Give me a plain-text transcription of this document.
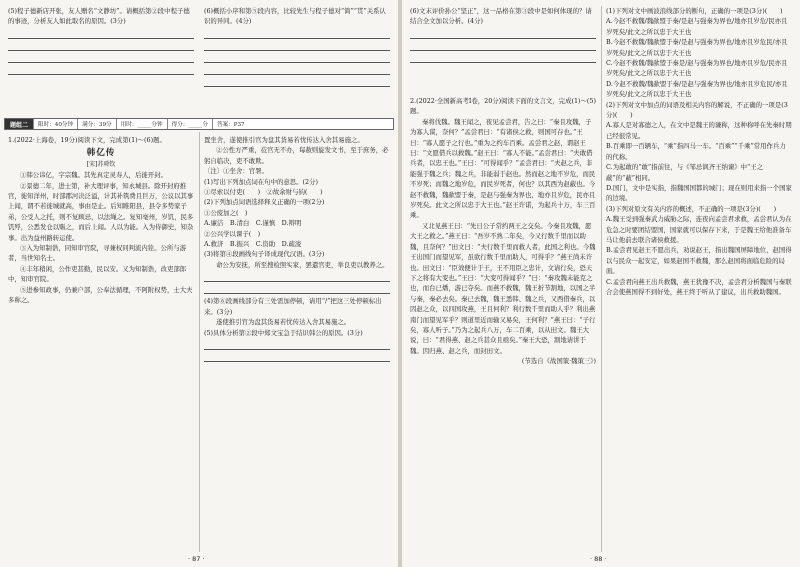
(5)程子德新店开张，友人赠名“文静坊”。请概括第②段中程子德的事迹，分析友人如此取名的原因。(3分)

(6)概括小序和第⑤段内容，比较先生与程子德对“简”“贯”关系认识的异同。(4分)

题组二	限时：40分钟	满分：39分	用时：_____分钟	得分：_____分	答案：P37

1.(2022·上海卷，19分)阅读下文，完成第(1)～(6)题。

韩亿传

[宋]苏舜钦

①韩公讳亿，字宗魏。其先真定灵寿人，后徙开封。

②景德二年，进士第，补大理评事，知永城县。除开封府推官，徙知洋州，时部郡河决泛溢，计其补筑费且巨万，公议以其事上闻，谓不若徙城就高，事由是止。后知睢阳县，县令多势家子弟，公受人之托，则不复顾忌，以法绳之。复知亳州，岁饥，民多饥殍，公悉发仓以赈之，而后上闻。人以为能。入为侍御史，知杂事。出为益州路转运使。

③入为知制诰，同知审官院，寻兼权同判流内铨。公所与游者，当世知名士。

④丰年稍闲，公作吏甚勤，民以安。又为知制诰，改吏部郎中，知审官院。

⑤进参知政事，仍兼户部，公奉法循理，不阿附权势，士大夫多称之。

置坐舍，遂使推引官为盘其货易若忧传达入舍其易施之。

②公性方严重，莅官无不办，每赦则旋发文书，至于庶务，必躬自临决，吏不敢欺。

〔注〕①坐舍：官署。

(1)写出下列加点词在句中的意思。(2分)

①尽索以付吏(　　)　②故余财与钧(　　)

(2)下列加点词语选择释义正确的一项(2分)

①公废加之(　)

A.廉洁　B.清白　C.谨慎　D.辩明

②公兴学以课子(　)

A.救济　B.振兴　C.资助　D.疏浚

(3)将第④段画线句子译成现代汉语。(3分)

命公为安抚，所至搜检照实家，罢遣官吏，举良吏以教养之。

(4)第⑥段画线部分有三处需加停顿，请用“/”把这三处停顿标出来。(3分)

遂使推引官为盘其货易若忧传达入舍其易施之。

(5)具体分析第②段中郑文宝急于结识韩公的原因。(3分)

· 87 ·

(6)文末评价孙公“坚正”，这一品格在第③段中是如何体现的？请结合全文加以分析。(4分)

2.(2022·全国新高考Ⅰ卷，20分)阅读下面的文言文，完成(1)～(5)题。

秦将伐魏。魏王闻之，夜见孟尝君，告之曰：“秦且攻魏，子为寡人谋，奈何？”孟尝君曰：“有诸侯之救，则国可存也。”王曰：“寡人愿子之行也。”重为之约车百乘。孟尝君之赵，谓赵王曰：“文愿借兵以救魏。”赵王曰：“寡人不能。”孟尝君曰：“夫敢借兵者，以忠王也。”王曰：“可得闻乎？”孟尝君曰：“夫赵之兵，非能强于魏之兵；魏之兵，非能弱于赵也。然而赵之地不岁危，而民不岁死；而魏之地岁危，而民岁死者，何也？以其西为赵蔽也。今赵不救魏，魏歃盟于秦，是赵与强秦为界也，地亦且岁危，民亦且岁死矣。此文之所以忠于大王也。”赵王许诺，为起兵十万，车三百乘。

又北见燕王曰：“先日公子常约两王之交矣。今秦且攻魏，愿大王之救之。”燕王曰：“吾岁不熟二年矣，今又行数千里而以助魏，且奈何？”田文曰：“夫行数千里而救人者，此国之利也。今魏王出国门而望见军，虽欲行数千里而助人，可得乎？”燕王尚未许也。田文曰：“臣效便计于王，王不用臣之忠计，文请行矣，恐天下之将有大变也。”王曰：“大变可得闻乎？”曰：“秦攻魏未能克之也，而台已燔，游已夺矣。而燕不救魏，魏王折节割地，以国之半与秦，秦必去矣。秦已去魏，魏王悉韩、魏之兵，又西借秦兵，以因赵之众，以四国攻燕，王且何利？利行数千里而助人乎？利出燕南门而望见军乎？则道里近而输又易矣，王何利？”燕王曰：“子行矣，寡人听子。”乃为之起兵八万，车二百乘，以从田文。魏王大说，曰：“君得燕、赵之兵甚众且亟矣。”秦王大恐，割地请讲于魏。因归燕、赵之兵，而封田文。

(节选自《战国策·魏策三》)

(1)下列对文中画波浪线部分的断句，正确的一项是(3分)(　　)

A.今赵不救魏/魏歃盟于秦/是赵与强秦为界也/地亦且岁危/民亦且岁死矣/此文之所以忠于大王也

B.今赵不救魏/魏歃盟于秦/是赵与强秦为界也/地亦且岁危民/亦且岁死矣/此文之所以忠于大王也

C.今赵不救魏/魏歃盟于秦是/赵与强秦为界也/地亦且岁危/民亦且岁死矣/此文之所以忠于大王也

D.今赵不救魏/魏歃盟于秦/是赵与强秦为界也/地亦且岁危民/亦且岁死矣/此文之所以忠于大王也

(2)下列对文中加点的词语及相关内容的解说，不正确的一项是(3分)(　　)

A.寡人是对寡德之人，在文中是魏王的谦称，这种称呼在先秦时期已经很常见。

B.百乘即一百辆车，“乘”指四马一车。“百乘”“千乘”常用作兵力的代称。

C.为起敢的“敢”指前往，与《邹忌讽齐王纳谏》中“王之蔽”的“蔽”相同。

D.国门，文中是实指，指魏国国都的城门；现在则用来指一个国家的边境。

(3)下列对原文有关内容的概述，不正确的一项是(3分)(　　)

A.魏王受到强秦武力威胁之际，连夜向孟尝君求救，孟尝君认为在危急之时要团结盟国，国家就可以保存下来，于是魏王给他准备车马让他前去联合诸侯救援。

B.孟尝君见赵王不愿出兵，劝说赵王，指出魏国屏障地位，赵国得以与民众一起安定，如果赵国不救魏，那么赵国将面临危险的局面。

C.孟尝君向燕王出兵救魏，燕王犹豫不决，孟尝君分析魏国与秦联合会使燕国得不到好处，燕王终于听从了建议，出兵救助魏国。

· 88 ·
